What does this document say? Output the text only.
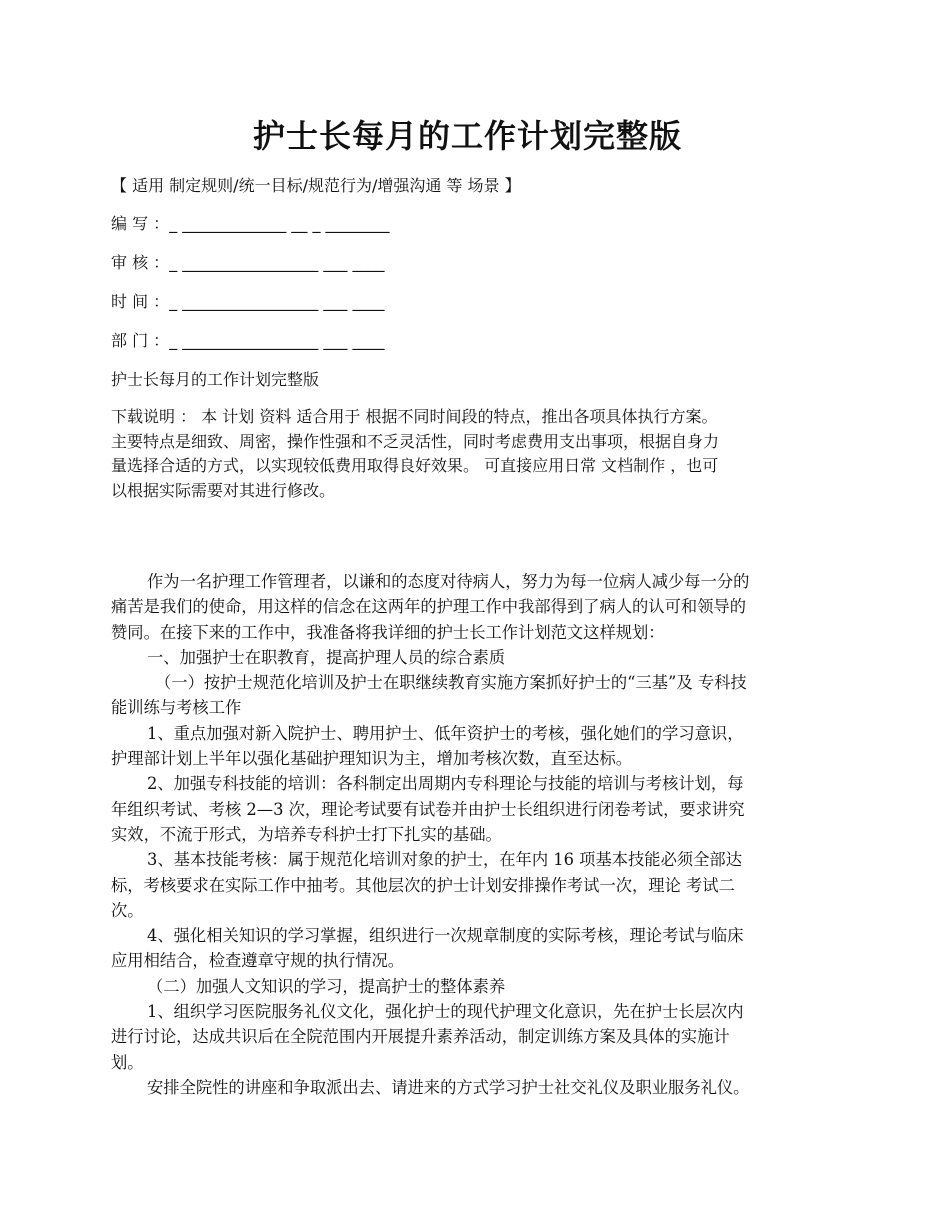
护士长每月的工作计划完整版
【 适用 制定规则/统一目标/规范行为/增强沟通 等 场景 】
编 写 ：_ _____________ __ _ ________
审 核 ：_ _________________ ___ ____
时 间 ：_ _________________ ___ ____
部 门 ：_ _________________ ___ ____
护士长每月的工作计划完整版
下载说明 ： 本 计划 资料 适合用于 根据不同时间段的特点，推出各项具体执行方案。
主要特点是细致、周密，操作性强和不乏灵活性，同时考虑费用支出事项，根据自身力
量选择合适的方式，以实现较低费用取得良好效果。 可直接应用日常 文档制作 ，也可
以根据实际需要对其进行修改。
作为一名护理工作管理者，以谦和的态度对待病人，努力为每一位病人减少每一分的
痛苦是我们的使命，用这样的信念在这两年的护理工作中我部得到了病人的认可和领导的
赞同。在接下来的工作中，我准备将我详细的护士长工作计划范文这样规划：
一、加强护士在职教育，提高护理人员的综合素质
（一）按护士规范化培训及护士在职继续教育实施方案抓好护士的“三基”及 专科技
能训练与考核工作
1、重点加强对新入院护士、聘用护士、低年资护士的考核，强化她们的学习意识，
护理部计划上半年以强化基础护理知识为主，增加考核次数，直至达标。
2、加强专科技能的培训：各科制定出周期内专科理论与技能的培训与考核计划，每
年组织考试、考核 2—3 次，理论考试要有试卷并由护士长组织进行闭卷考试，要求讲究
实效，不流于形式，为培养专科护士打下扎实的基础。
3、基本技能考核：属于规范化培训对象的护士，在年内 16 项基本技能必须全部达
标，考核要求在实际工作中抽考。其他层次的护士计划安排操作考试一次，理论 考试二
次。
4、强化相关知识的学习掌握，组织进行一次规章制度的实际考核，理论考试与临床
应用相结合，检查遵章守规的执行情况。
（二）加强人文知识的学习，提高护士的整体素养
1、组织学习医院服务礼仪文化，强化护士的现代护理文化意识，先在护士长层次内
进行讨论，达成共识后在全院范围内开展提升素养活动，制定训练方案及具体的实施计
划。
安排全院性的讲座和争取派出去、请进来的方式学习护士社交礼仪及职业服务礼仪。
